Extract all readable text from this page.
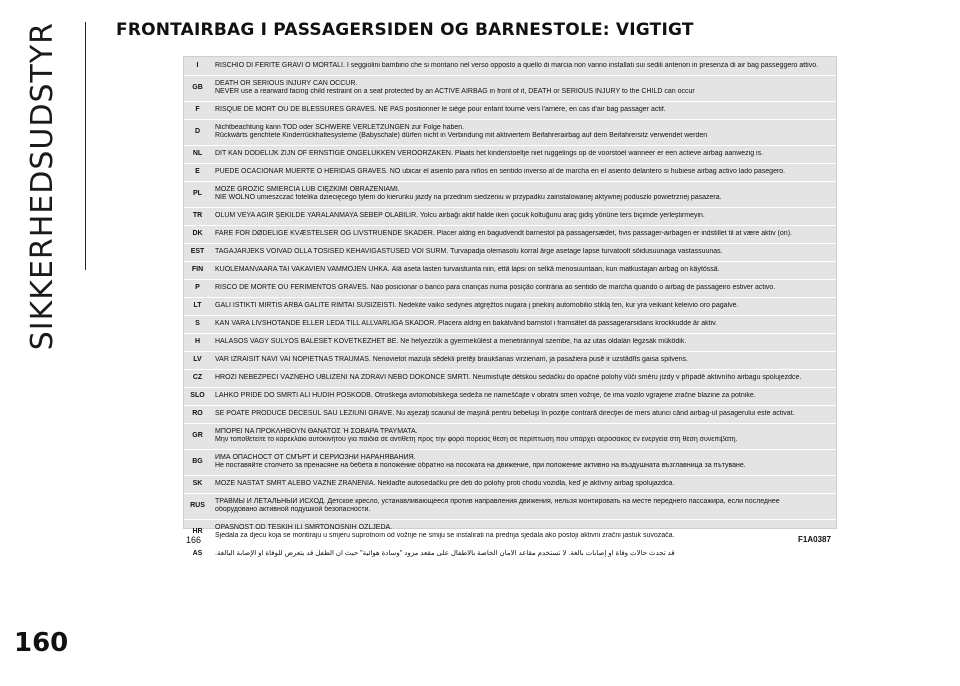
SIKKERHEDSUDSTYR	FRONTAIRBAG I PASSAGERSIDEN OG BARNESTOLE: VIGTIGT
I	RISCHIO DI FERITE GRAVI O MORTALI. I seggiolini bambino che si montano nel verso opposto a quello di marcia non vanno installati sui sedili anteriori in presenza di air bag passeggero attivo.

GB	DEATH OR SERIOUS INJURY CAN OCCUR.
NEVER use a rearward facing child restraint on a seat protected by an ACTIVE AIRBAG in front of it, DEATH or SERIOUS INJURY to the CHILD can occur

F	RISQUE DE MORT OU DE BLESSURES GRAVES. NE PAS positionner le siège pour enfant tourné vers l'arrière, en cas d'air bag passager actif.

D	Nichtbeachtung kann TOD oder SCHWERE VERLETZUNGEN zur Folge haben.
Rückwärts gerichtete Kinderrückhaltesysteme (Babyschale) dürfen nicht in Verbindung mit aktiviertem Beifahrerairbag auf dem Beifahrersitz verwendet werden

NL	DIT KAN DODELIJK ZIJN OF ERNSTIGE ONGELUKKEN VEROORZAKEN. Plaats het kinderstoeltje niet ruggelings op de voorstoel wanneer er een actieve airbag aanwezig is.

E	PUEDE OCACIONAR MUERTE O HERIDAS GRAVES. NO ubicar el asiento para niños en sentido inverso al de marcha en el asiento delantero si hubiese airbag activo lado pasegero.

PL	MOŻE GROZIĆ ŚMIERCIA LUB CIĘŻKIMI OBRAŻENIAMI.
NIE WOLNO umieszczać fotelika dziecięcego tyłem do kierunku jazdy na przednim siedzeniu w przypadku zainstalowanej aktywnej poduszki powietrznej pasażera.

TR	ÖLÜM VEYA AĞIR ŞEKİLDE YARALANMAYA SEBEP OLABİLİR. Yolcu airbağı aktif halde iken çocuk koltuğunu araç gidiş yönüne ters biçimde yerleştirmeyin.

DK	FARE FOR DØDELIGE KVÆSTELSER OG LIVSTRUENDE SKADER. Placer aldrig en bagudvendt barnestol på passagersædet, hvis passager-airbagen er indstillet til at være aktiv (on).

EST	TAGAJÄRJEKS VÕIVAD OLLA TÕSISED KEHAVIGASTUSED VÕI SURM. Turvapadja olemasolu korral ärge asetage lapse turvatoolt sõidusuunaga vastassuunas.

FIN	KUOLEMANVAARA TAI VAKAVIEN VAMMOJEN UHKA. Älä aseta lasten turvaistuinta niin, että lapsi on selkä menosuuntaan, kun matkustajan airbag on käytössä.

P	RISCO DE MORTE OU FERIMENTOS GRAVES. Não posicionar o banco para crianças numa posição contrária ao sentido de marcha quando o airbag de passageiro estiver activo.

LT	GALI IŠTIKTI MIRTIS ARBA GALITE RIMTAI SUSIŽEISTI. Nedėkite vaiko sėdynės atgręžtos nugara į priekinį automobilio stiklą ten, kur yra veikiant keleivio oro pagalvė.

S	KAN VARA LIVSHOTANDE ELLER LEDA TILL ALLVARLIGA SKADOR. Placera aldrig en bakåtvänd barnstol i framsätet då passagerarsidans krockkudde är aktiv.

H	HALÁSOS VAGY SÚLYOS BALESET KÖVETKEZHET BE. Ne helyezzük a gyermekülést a menetiránnyal szembe, ha az utas oldalán légzsák működik.

LV	VAR IZRAISĪT NĀVI VAI NOPIETNAS TRAUMAS. Nenovietot mazuļa sēdekli pretēji braukšanas virzienam, ja pasažiera pusē ir uzstādīts gaisa spilvens.

CZ	HROZÍ NEBEZPEČÍ VÁŽNÉHO ÚBLIŽENÍ NA ZDRAVÍ NEBO DOKONCE SMRTI. Neumisťujte dětskou sedačku do opačné polohy vůči směru jízdy v případě aktivního airbagu spolujezdce.

SLO	LAHKO PRIDE DO SMRTI ALI HUDIH POŠKODB. Otroškega avtomobilskega sedeža ne nameščajte v obratni smeri vožnje, če ima vozilo vgrajene zračne blazine za potnike.

RO	SE POATE PRODUCE DECESUL SAU LEZIUNI GRAVE. Nu aşezaţi scaunul de maşină pentru bebeluşi în poziţie contrară direcţiei de mers atunci când airbag-ul pasagerului este activat.

GR	ΜΠΟΡΕΙ ΝΑ ΠΡΟΚΛΗΘΟΥΝ ΘΑΝΑΤΟΣ Ή ΣΟΒΑΡΑ ΤΡΑΥΜΑΤΑ.
Μην τοποθετείτε το καρεκλάκι αυτοκινήτου για παιδιά σε αντίθετη προς την φορά πορείας θέση σε περίπτωση που υπάρχει αερόσακος εν ενεργεία στη θέση συνεπιβάτη.

BG	ИМА ОПАСНОСТ ОТ СМЪРТ И СЕРИОЗНИ НАРАНЯВАНИЯ.
Не поставяйте столчето за пренасяне на бебета в положение обратно на посоката на движение, при положение активно на въздушната възглавница за пътуване.

SK	MÔŽE NASTAŤ SMRŤ ALEBO VÁŽNE ZRANENIA. Neklaďte autosedačku pre deti do polohy proti chodu vozidla, keď je aktívny airbag spolujazdca.

RUS	ТРАВМЫ И ЛЕТАЛЬНЫЙ ИСХОД. Детское кресло, устанавливающееся против направления движения, нельзя монтировать на месте переднего пассажира, если последнее
оборудовано активной подушкой безопасности.

HR	OPASNOST OD TEŠKIH ILI SMRTONOSNIH OZLJEDA.
Sjedala za djecu koja se montiraju u smjeru suprotnom od vožnje ne smiju se instalirati na prednja sjedala ako postoji aktivni zračni jastuk suvozača.

AS	قد تحدث حالات وفاة أو إصابات بالغة. لا تستخدم مقاعد الأمان الخاصة بالأطفال على مقعد مزود "وسادة هوائية" حيث أن الطفل قد يتعرض للوفاة أو الإصابة البالغة.
166	F1A0387
160
